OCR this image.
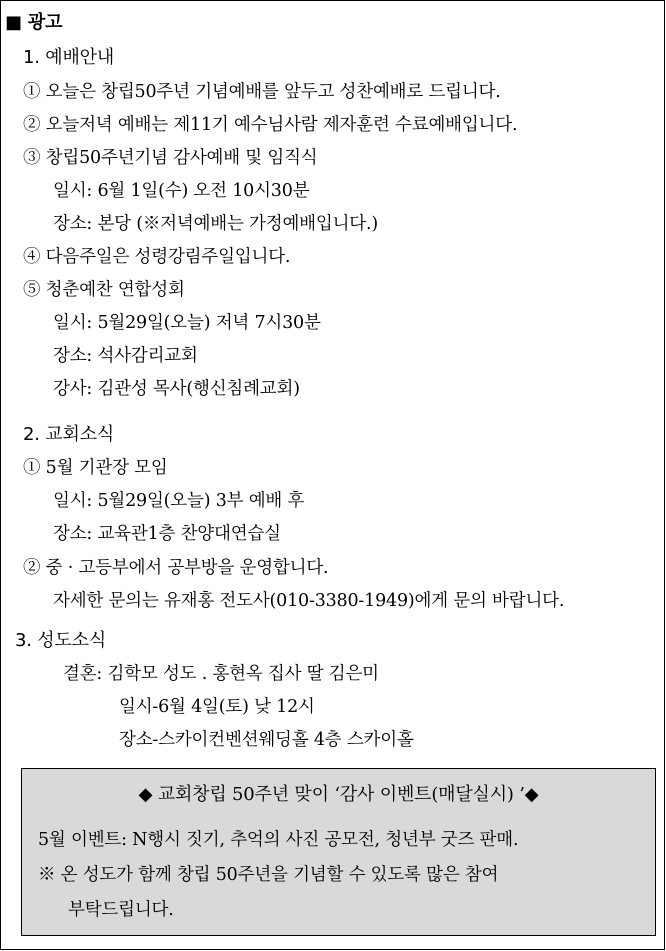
■ 광고
1. 예배안내
① 오늘은 창립50주년 기념예배를 앞두고 성찬예배로 드립니다.
② 오늘저녁 예배는 제11기 예수님사람 제자훈련 수료예배입니다.
③ 창립50주년기념 감사예배 및 임직식
일시: 6월 1일(수) 오전 10시30분
장소: 본당 (※저녁예배는 가정예배입니다.)
④ 다음주일은 성령강림주일입니다.
⑤ 청춘예찬 연합성회
일시: 5월29일(오늘) 저녁 7시30분
장소: 석사감리교회
강사: 김관성 목사(행신침례교회)
2. 교회소식
① 5월 기관장 모임
일시: 5월29일(오늘) 3부 예배 후
장소: 교육관1층 찬양대연습실
② 중 · 고등부에서 공부방을 운영합니다.
자세한 문의는 유재홍 전도사(010-3380-1949)에게 문의 바랍니다.
3. 성도소식
결혼: 김학모 성도 . 홍현옥 집사 딸 김은미
일시-6월 4일(토) 낮 12시
장소-스카이컨벤션웨딩홀 4층 스카이홀
◆ 교회창립 50주년 맞이 ‘감사 이벤트(매달실시) ’◆
5월 이벤트: N행시 짓기, 추억의 사진 공모전, 청년부 굿즈 판매.
※ 온 성도가 함께 창립 50주년을 기념할 수 있도록 많은 참여
부탁드립니다.
